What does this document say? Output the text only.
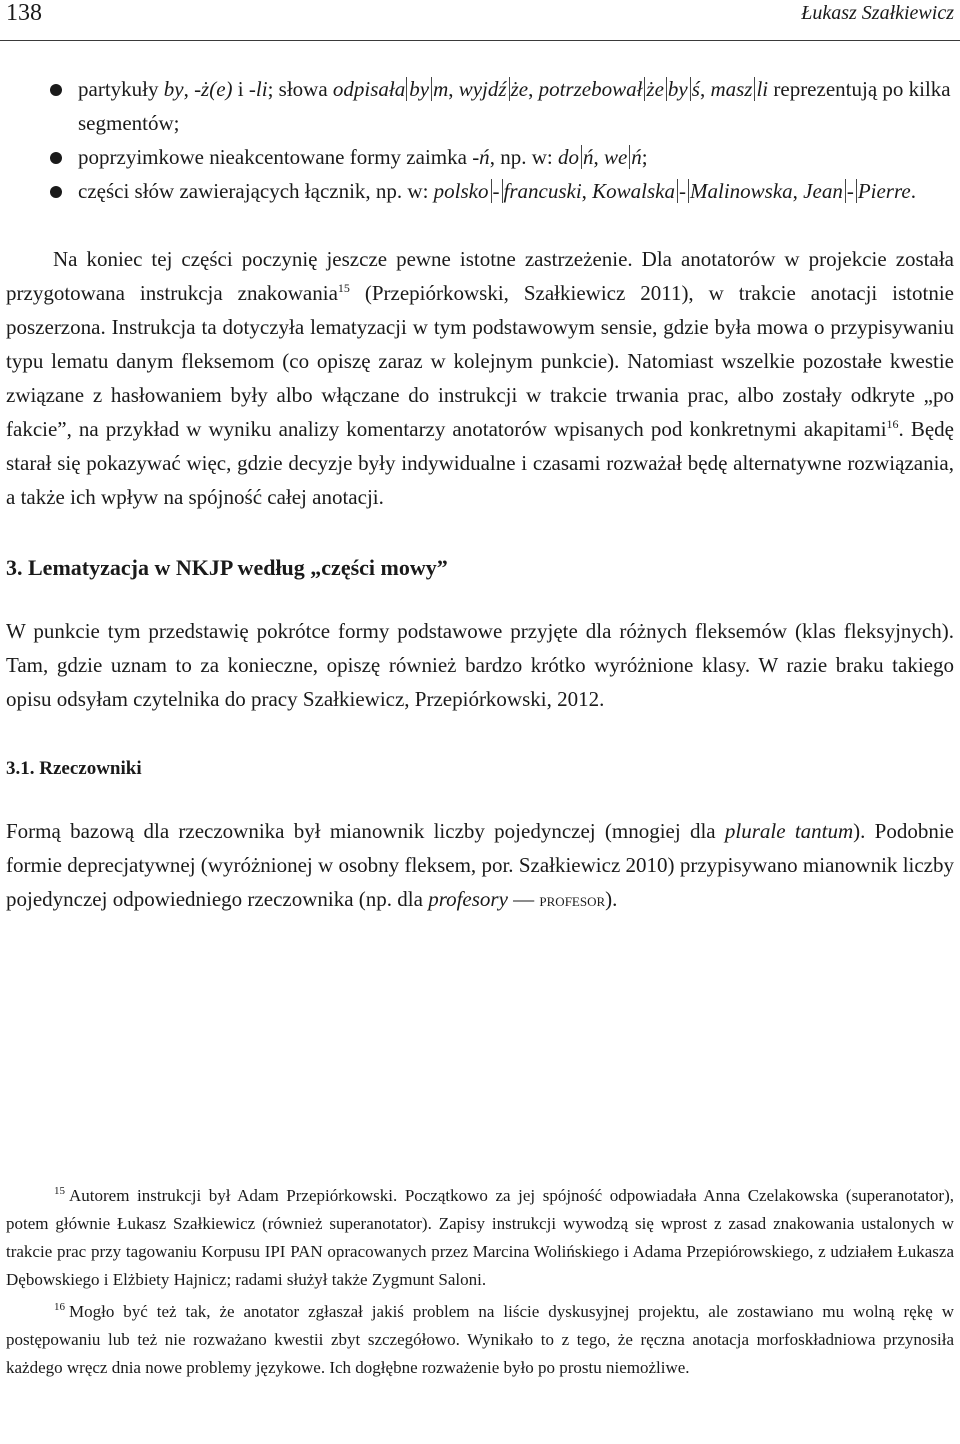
138	Łukasz Szałkiewicz
partykuły by, -ż(e) i -li; słowa odpisała by m, wyjdź że, potrzebował że by ś, masz li reprezentują po kilka segmentów;
poprzyimkowe nieakcentowane formy zaimka -ń, np. w: do ń, we ń;
części słów zawierających łącznik, np. w: polsko - francuski, Kowalska - Malinowska, Jean - Pierre.

Na koniec tej części poczynię jeszcze pewne istotne zastrzeżenie. Dla anotatorów w projekcie została przygotowana instrukcja znakowania$^{15}$ (Przepiórkowski, Szałkiewicz 2011), w trakcie anotacji istotnie poszerzona. Instrukcja ta dotyczyła lematyzacji w tym podstawowym sensie, gdzie była mowa o przypisywaniu typu lematu danym fleksemom (co opiszę zaraz w kolejnym punkcie). Natomiast wszelkie pozostałe kwestie związane z hasłowaniem były albo włączane do instrukcji w trakcie trwania prac, albo zostały odkryte „po fakcie”, na przykład w wyniku analizy komentarzy anotatorów wpisanych pod konkretnymi akapitami$^{16}$. Będę starał się pokazywać więc, gdzie decyzje były indywidualne i czasami rozważał będę alternatywne rozwiązania, a także ich wpływ na spójność całej anotacji.

3. Lematyzacja w NKJP według „części mowy”

W punkcie tym przedstawię pokrótce formy podstawowe przyjęte dla różnych fleksemów (klas fleksyjnych). Tam, gdzie uznam to za konieczne, opiszę również bardzo krótko wyróżnione klasy. W razie braku takiego opisu odsyłam czytelnika do pracy Szałkiewicz, Przepiórkowski, 2012.

3.1. Rzeczowniki

Formą bazową dla rzeczownika był mianownik liczby pojedynczej (mnogiej dla plurale tantum). Podobnie formie deprecjatywnej (wyróżnionej w osobny fleksem, por. Szałkiewicz 2010) przypisywano mianownik liczby pojedynczej odpowiedniego rzeczownika (np. dla profesory — profesor).

$^{15}$ Autorem instrukcji był Adam Przepiórkowski. Początkowo za jej spójność odpowiadała Anna Czelakowska (superanotator), potem głównie Łukasz Szałkiewicz (również superanotator). Zapisy instrukcji wywodzą się wprost z zasad znakowania ustalonych w trakcie prac przy tagowaniu Korpusu IPI PAN opracowanych przez Marcina Wolińskiego i Adama Przepiórowskiego, z udziałem Łukasza Dębowskiego i Elżbiety Hajnicz; radami służył także Zygmunt Saloni.

$^{16}$ Mogło być też tak, że anotator zgłaszał jakiś problem na liście dyskusyjnej projektu, ale zostawiano mu wolną rękę w postępowaniu lub też nie rozważano kwestii zbyt szczegółowo. Wynikało to z tego, że ręczna anotacja morfoskładniowa przynosiła każdego wręcz dnia nowe problemy językowe. Ich dogłębne rozważenie było po prostu niemożliwe.
